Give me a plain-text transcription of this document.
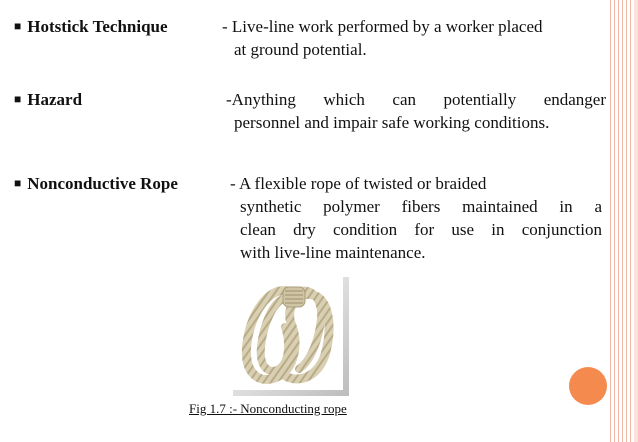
■ Hotstick Technique	- Live-line work performed by a worker placed
at ground potential.
■ Hazard	-Anything which can potentially endanger
personnel and impair safe working conditions.
■ Nonconductive Rope	- A flexible rope of twisted or braided
synthetic polymer fibers maintained in a
clean dry condition for use in conjunction
with live-line maintenance.
Fig 1.7 :- Nonconducting rope
